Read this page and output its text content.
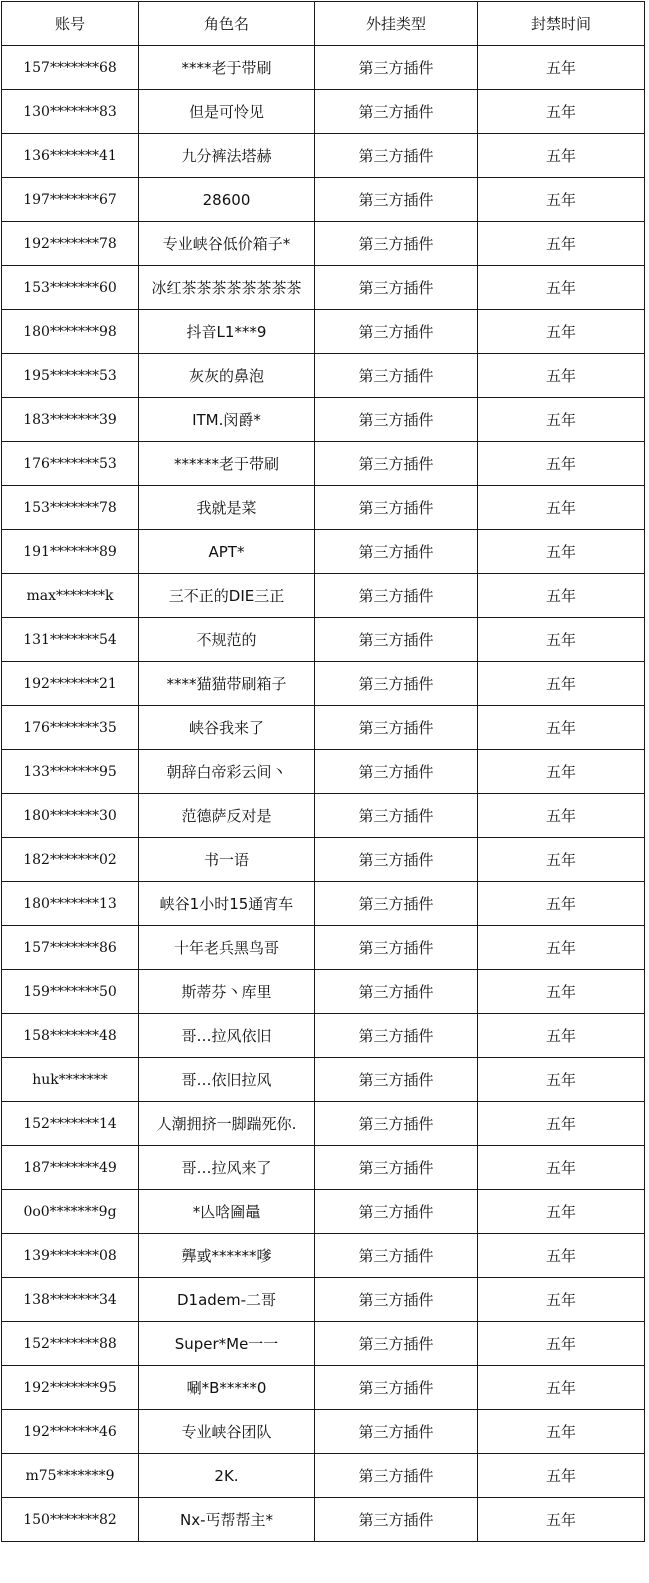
账号	角色名	外挂类型	封禁时间
157*******68	****老于带刷	第三方插件	五年
130*******83	但是可怜见	第三方插件	五年
136*******41	九分裤法塔赫	第三方插件	五年
197*******67	28600	第三方插件	五年
192*******78	专业峡谷低价箱子*	第三方插件	五年
153*******60	冰红茶茶茶茶茶茶茶茶	第三方插件	五年
180*******98	抖音L1***9	第三方插件	五年
195*******53	灰灰的鼻泡	第三方插件	五年
183*******39	ITM.闵爵*	第三方插件	五年
176*******53	******老于带刷	第三方插件	五年
153*******78	我就是菜	第三方插件	五年
191*******89	APT*	第三方插件	五年
max*******k	三不正的DIE三正	第三方插件	五年
131*******54	不规范的	第三方插件	五年
192*******21	****猫猫带刷箱子	第三方插件	五年
176*******35	峡谷我来了	第三方插件	五年
133*******95	朝辞白帝彩云间丶	第三方插件	五年
180*******30	范德萨反对是	第三方插件	五年
182*******02	书一语	第三方插件	五年
180*******13	峡谷1小时15通宵车	第三方插件	五年
157*******86	十年老兵黑鸟哥	第三方插件	五年
159*******50	斯蒂芬丶库里	第三方插件	五年
158*******48	哥…拉风依旧	第三方插件	五年
huk*******	哥…依旧拉风	第三方插件	五年
152*******14	人潮拥挤一脚踹死你.	第三方插件	五年
187*******49	哥…拉风来了	第三方插件	五年
0o0*******9g	*亾唅圇鼂	第三方插件	五年
139*******08	龏戜******嗲	第三方插件	五年
138*******34	D1adem-二哥	第三方插件	五年
152*******88	Super*Me一一	第三方插件	五年
192*******95	唰*B*****0	第三方插件	五年
192*******46	专业峡谷团队	第三方插件	五年
m75*******9	2K.	第三方插件	五年
150*******82	Nx-丐帮帮主*	第三方插件	五年
